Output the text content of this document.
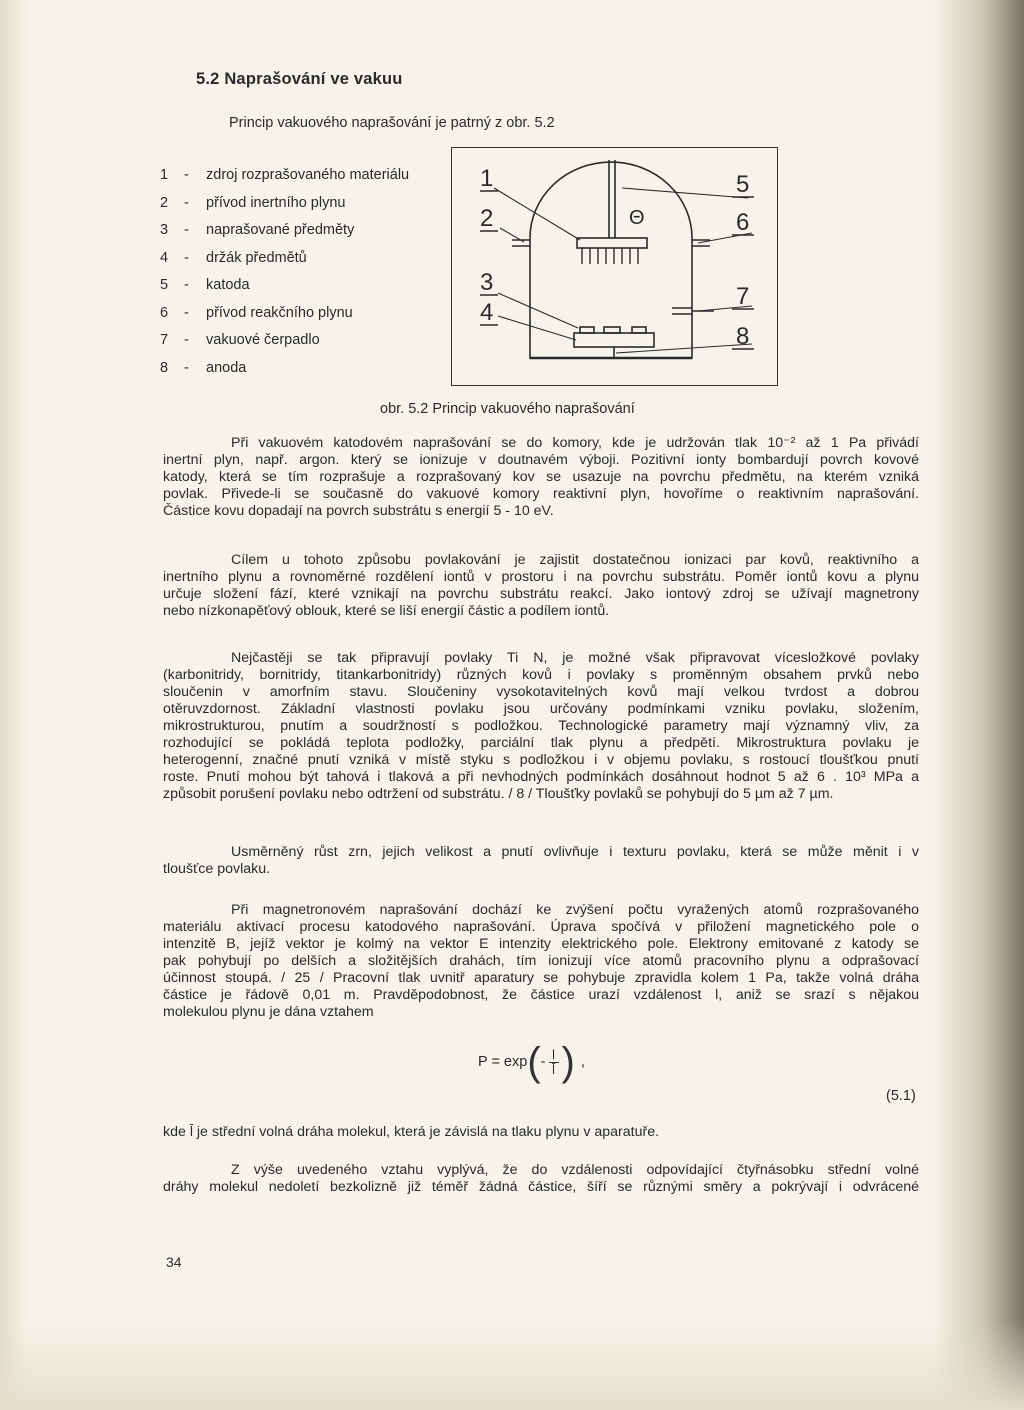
5.2 Naprašování ve vakuu
Princip vakuového naprašování je patrný z obr. 5.2
1	-	zdroj rozprašovaného materiálu
2	-	přívod inertního plynu
3	-	naprašované předměty
4	-	držák předmětů
5	-	katoda
6	-	přívod reakčního plynu
7	-	vakuové čerpadlo
8	-	anoda
1
2
3
4
5
6
7
8
Θ
obr. 5.2 Princip vakuového naprašování
Při vakuovém katodovém naprašování se do komory, kde je udržován tlak 10⁻² až 1 Pa přivádí
inertní plyn, např. argon. který se ionizuje v doutnavém výboji. Pozitivní ionty bombardují povrch kovové
katody, která se tím rozprašuje a rozprašovaný kov se usazuje na povrchu předmětu, na kterém vzniká
povlak. Přivede-li se současně do vakuové komory reaktivní plyn, hovoříme o reaktivním naprašování.
Částice kovu dopadají na povrch substrátu s energií 5 - 10 eV.
Cílem u tohoto způsobu povlakování je zajistit dostatečnou ionizaci par kovů, reaktivního a
inertního plynu a rovnoměrné rozdělení iontů v prostoru i na povrchu substrátu. Poměr iontů kovu a plynu
určuje složení fází, které vznikají na povrchu substrátu reakcí. Jako iontový zdroj se užívají magnetrony
nebo nízkonapěťový oblouk, které se liší energií částic a podílem iontů.
Nejčastěji se tak připravují povlaky Ti N, je možné však připravovat vícesložkové povlaky
(karbonitridy, bornitridy, titankarbonitridy) různých kovů i povlaky s proměnným obsahem prvků nebo
sloučenin v amorfním stavu. Sloučeniny vysokotavitelných kovů mají velkou tvrdost a dobrou
otěruvzdornost. Základní vlastnosti povlaku jsou určovány podmínkami vzniku povlaku, složením,
mikrostrukturou, pnutím a soudržností s podložkou. Technologické parametry mají významný vliv, za
rozhodující se pokládá teplota podložky, parciální tlak plynu a předpětí. Mikrostruktura povlaku je
heterogenní, značné pnutí vzniká v místě styku s podložkou i v objemu povlaku, s rostoucí tloušťkou pnutí
roste. Pnutí mohou být tahová i tlaková a při nevhodných podmínkách dosáhnout hodnot 5 až 6 . 10³ MPa a
způsobit porušení povlaku nebo odtržení od substrátu. / 8 / Tloušťky povlaků se pohybují do 5 µm až 7 µm.
Usměrněný růst zrn, jejich velikost a pnutí ovlivňuje i texturu povlaku, která se může měnit i v
tloušťce povlaku.
Při magnetronovém naprašování dochází ke zvýšení počtu vyražených atomů rozprašovaného
materiálu aktivací procesu katodového naprašování. Úprava spočívá v přiložení magnetického pole o
intenzitě B, jejíž vektor je kolmý na vektor E intenzity elektrického pole. Elektrony emitované z katody se
pak pohybují po delších a složitějších drahách, tím ionizují více atomů pracovního plynu a odprašovací
účinnost stoupá. / 25 / Pracovní tlak uvnitř aparatury se pohybuje zpravidla kolem 1 Pa, takže volná dráha
částice je řádově 0,01 m. Pravděpodobnost, že částice urazí vzdálenost l, aniž se srazí s nějakou
molekulou plynu je dána vztahem
P = exp ( - $\frac{l}{l̄}$ ) ,
(5.1)
kde l̄ je střední volná dráha molekul, která je závislá na tlaku plynu v aparatuře.
Z výše uvedeného vztahu vyplývá, že do vzdálenosti odpovídající čtyřnásobku střední volné
dráhy molekul nedoletí bezkolizně již téměř žádná částice, šíří se různými směry a pokrývají i odvrácené
34
